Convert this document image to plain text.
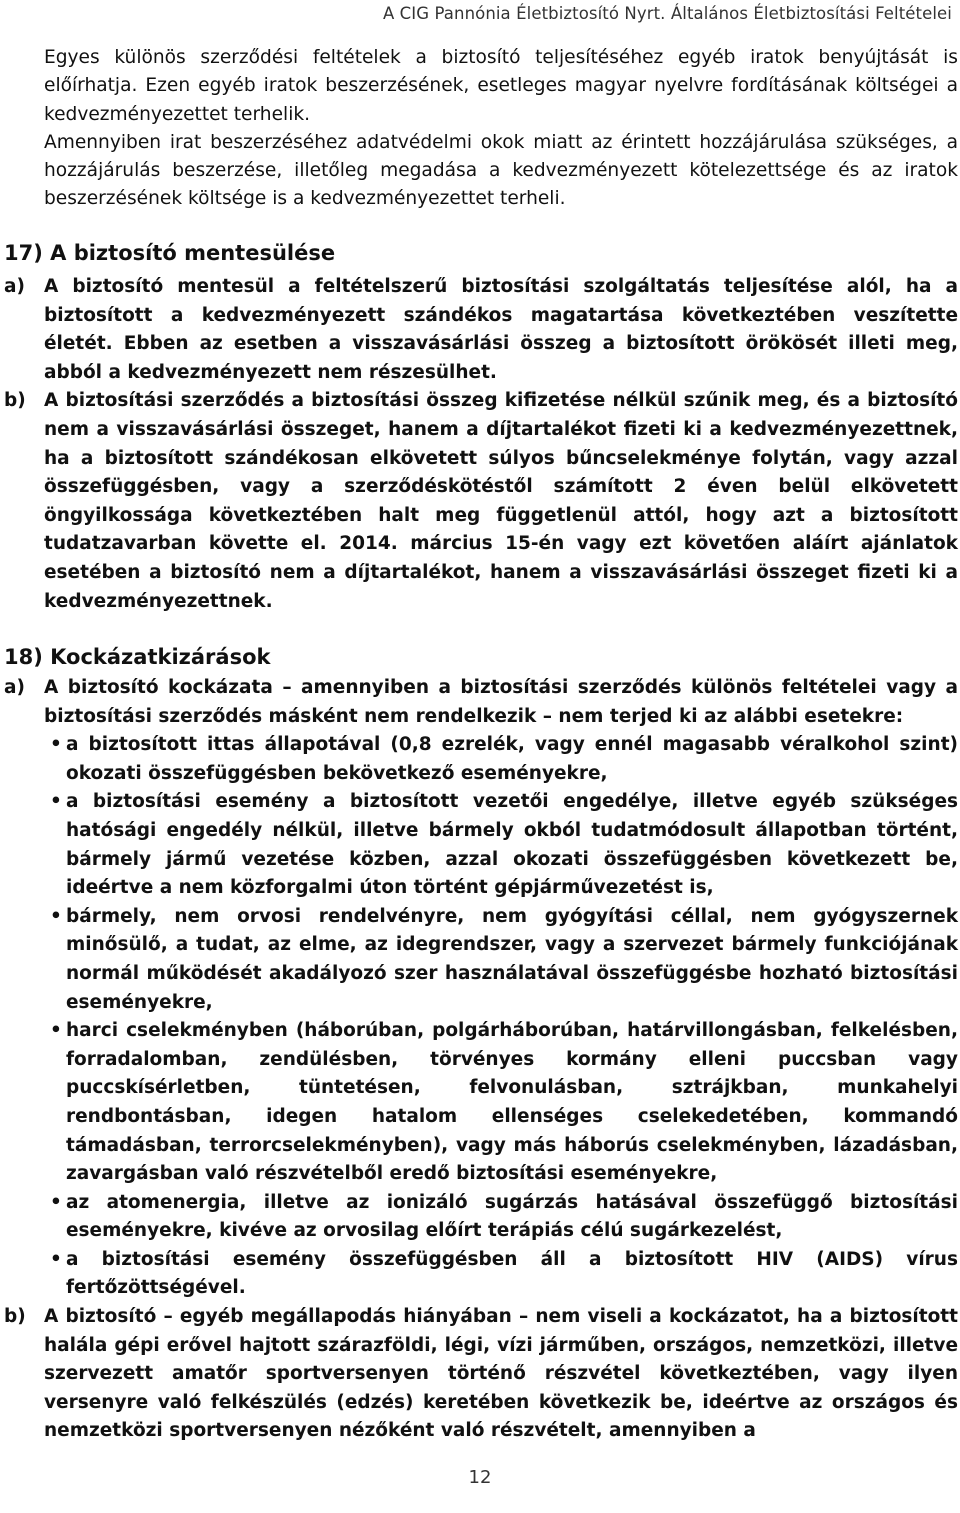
A CIG Pannónia Életbiztosító Nyrt. Általános Életbiztosítási Feltételei

Egyes különös szerződési feltételek a biztosító teljesítéséhez egyéb iratok benyújtását is előírhatja. Ezen egyéb iratok beszerzésének, esetleges magyar nyelvre fordításának költségei a kedvezményezettet terhelik.

Amennyiben irat beszerzéséhez adatvédelmi okok miatt az érintett hozzájárulása szükséges, a hozzájárulás beszerzése, illetőleg megadása a kedvezményezett kötelezettsége és az iratok beszerzésének költsége is a kedvezményezettet terheli.

17) A biztosító mentesülése
a) A biztosító mentesül a feltételszerű biztosítási szolgáltatás teljesítése alól, ha a biztosított a kedvezményezett szándékos magatartása következtében veszítette életét. Ebben az esetben a visszavásárlási összeg a biztosított örökösét illeti meg, abból a kedvezményezett nem részesülhet.

b) A biztosítási szerződés a biztosítási összeg kifizetése nélkül szűnik meg, és a biztosító nem a visszavásárlási összeget, hanem a díjtartalékot fizeti ki a kedvezményezettnek, ha a biztosított szándékosan elkövetett súlyos bűncselekménye folytán, vagy azzal összefüggésben, vagy a szerződéskötéstől számított 2 éven belül elkövetett öngyilkossága következtében halt meg függetlenül attól, hogy azt a biztosított tudatzavarban követte el. 2014. március 15-én vagy ezt követően aláírt ajánlatok esetében a biztosító nem a díjtartalékot, hanem a visszavásárlási összeget fizeti ki a kedvezményezettnek.

18) Kockázatkizárások
a) A biztosító kockázata – amennyiben a biztosítási szerződés különös feltételei vagy a biztosítási szerződés másként nem rendelkezik – nem terjed ki az alábbi esetekre:

• a biztosított ittas állapotával (0,8 ezrelék, vagy ennél magasabb véralkohol szint) okozati összefüggésben bekövetkező eseményekre,
• a biztosítási esemény a biztosított vezetői engedélye, illetve egyéb szükséges hatósági engedély nélkül, illetve bármely okból tudatmódosult állapotban történt, bármely jármű vezetése közben, azzal okozati összefüggésben következett be, ideértve a nem közforgalmi úton történt gépjárművezetést is,
• bármely, nem orvosi rendelvényre, nem gyógyítási céllal, nem gyógyszernek minősülő, a tudat, az elme, az idegrendszer, vagy a szervezet bármely funkciójának normál működését akadályozó szer használatával összefüggésbe hozható biztosítási eseményekre,
• harci cselekményben (háborúban, polgárháborúban, határvillongásban, felkelésben, forradalomban, zendülésben, törvényes kormány elleni puccsban vagy puccskísérletben, tüntetésen, felvonulásban, sztrájkban, munkahelyi rendbontásban, idegen hatalom ellenséges cselekedetében, kommandó támadásban, terrorcselekményben), vagy más háborús cselekményben, lázadásban, zavargásban való részvételből eredő biztosítási eseményekre,
• az atomenergia, illetve az ionizáló sugárzás hatásával összefüggő biztosítási eseményekre, kivéve az orvosilag előírt terápiás célú sugárkezelést,
• a biztosítási esemény összefüggésben áll a biztosított HIV (AIDS) vírus fertőzöttségével.
b) A biztosító – egyéb megállapodás hiányában – nem viseli a kockázatot, ha a biztosított halála gépi erővel hajtott szárazföldi, légi, vízi járműben, országos, nemzetközi, illetve szervezett amatőr sportversenyen történő részvétel következtében, vagy ilyen versenyre való felkészülés (edzés) keretében következik be, ideértve az országos és nemzetközi sportversenyen nézőként való részvételt, amennyiben a

12
